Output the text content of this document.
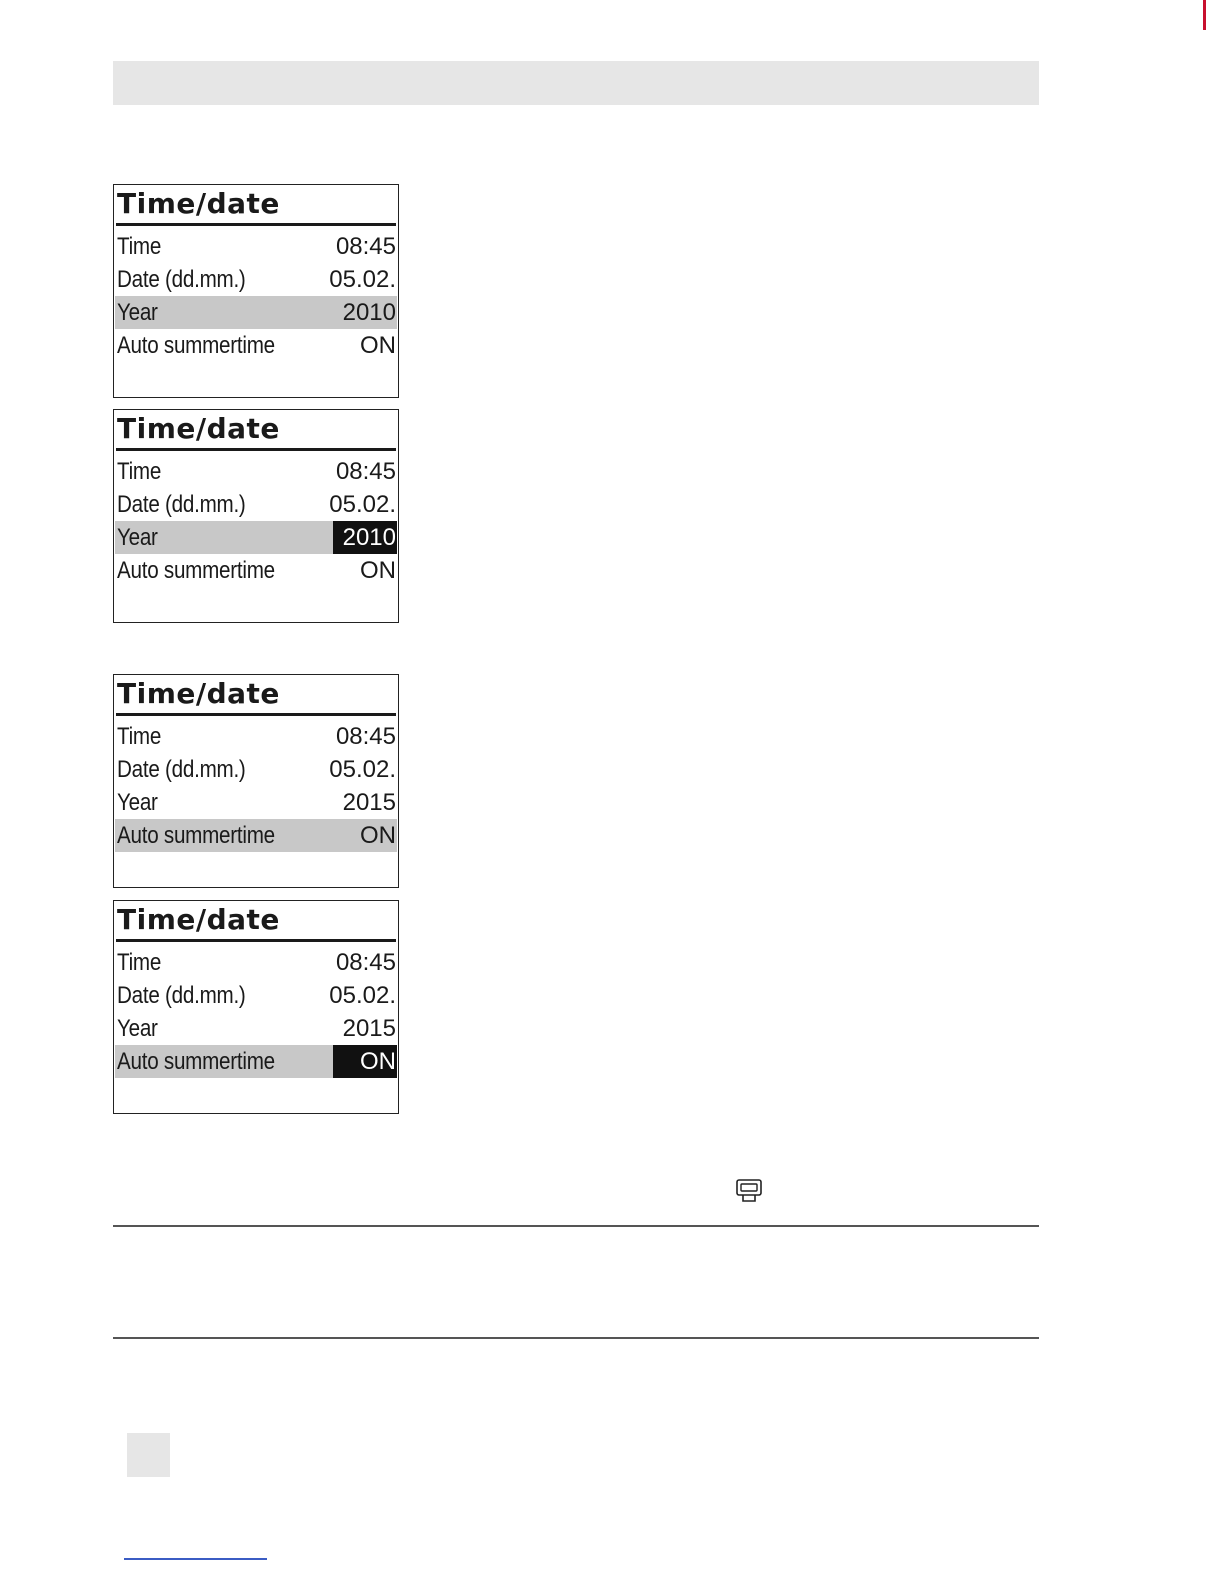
Time/date
Time	08:45
Date (dd.mm.)	05.02.
Year	2010
Auto summertime	ON
Time/date
Time	08:45
Date (dd.mm.)	05.02.
Year	2010
Auto summertime	ON
Time/date
Time	08:45
Date (dd.mm.)	05.02.
Year	2015
Auto summertime	ON
Time/date
Time	08:45
Date (dd.mm.)	05.02.
Year	2015
Auto summertime	ON
